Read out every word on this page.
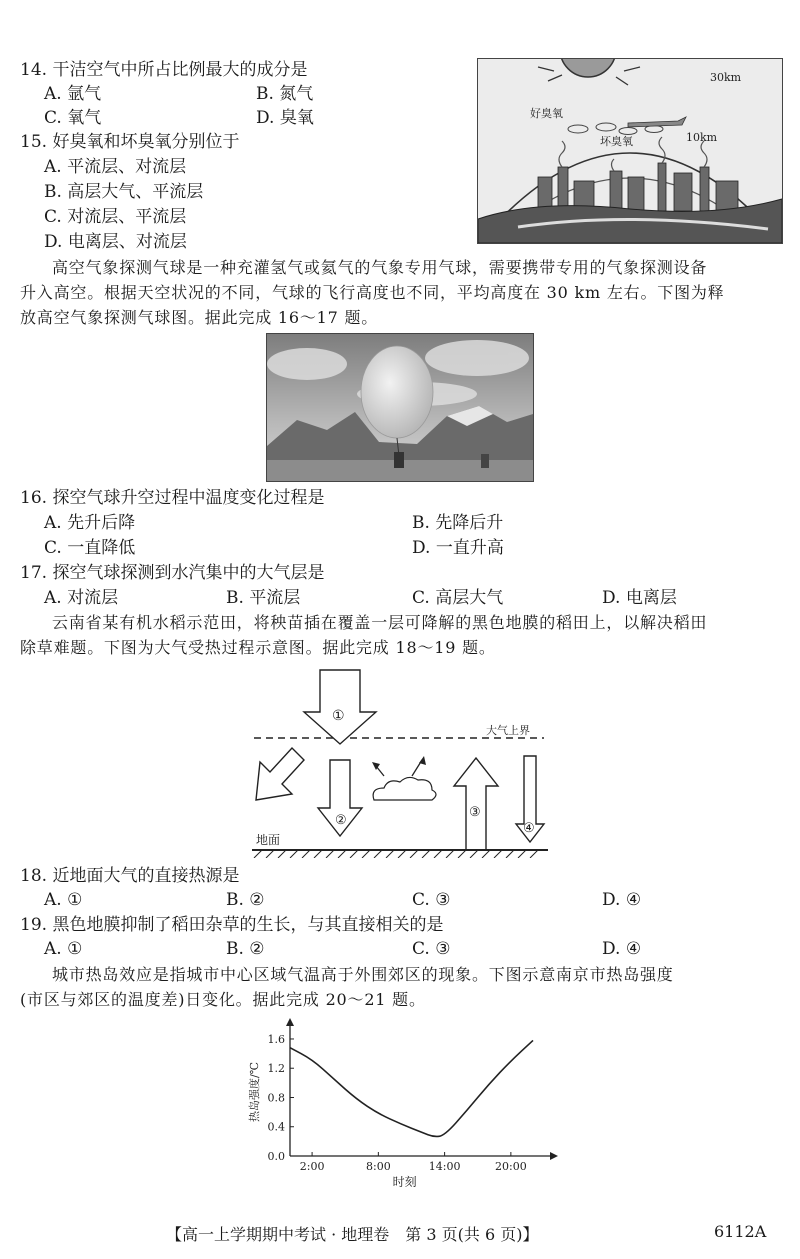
14. 干洁空气中所占比例最大的成分是
A. 氩气	B. 氮气
C. 氧气	D. 臭氧
15. 好臭氧和坏臭氧分别位于
A. 平流层、对流层
B. 高层大气、平流层
C. 对流层、平流层
D. 电离层、对流层
30km
好臭氧
坏臭氧	10km

高空气象探测气球是一种充灌氢气或氦气的气象专用气球，需要携带专用的气象探测设备

升入高空。根据天空状况的不同，气球的飞行高度也不同，平均高度在 30 km 左右。下图为释

放高空气象探测气球图。据此完成 16～17 题。

16. 探空气球升空过程中温度变化过程是
A. 先升后降	B. 先降后升
C. 一直降低	D. 一直升高
17. 探空气球探测到水汽集中的大气层是
A. 对流层	B. 平流层	C. 高层大气	D. 电离层

云南省某有机水稻示范田，将秧苗插在覆盖一层可降解的黑色地膜的稻田上，以解决稻田

除草难题。下图为大气受热过程示意图。据此完成 18～19 题。

大气上界
①
②
③
④
地面
18. 近地面大气的直接热源是
A. ①	B. ②	C. ③	D. ④
19. 黑色地膜抑制了稻田杂草的生长，与其直接相关的是
A. ①	B. ②	C. ③	D. ④

城市热岛效应是指城市中心区域气温高于外围郊区的现象。下图示意南京市热岛强度

(市区与郊区的温度差)日变化。据此完成 20～21 题。

0.0
0.4
0.8
1.2
1.6
2:00	8:00	14:00	20:00
时刻
热岛强度/℃
【高一上学期期中考试 · 地理卷　第 3 页(共 6 页)】	6112A
